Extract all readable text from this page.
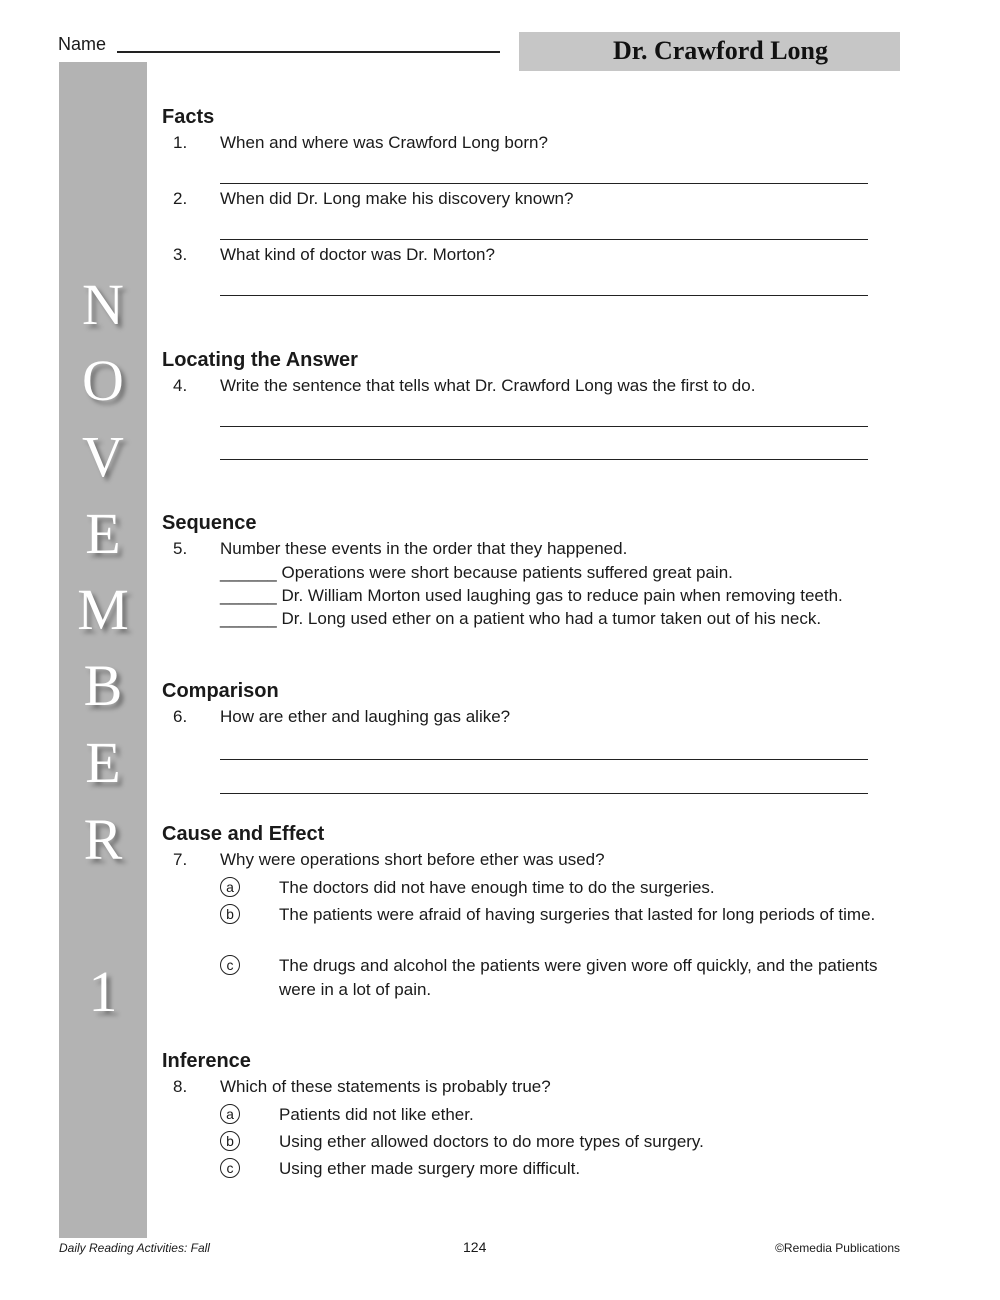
Name	Dr. Crawford Long
N
O
V
E
M
B
E
R
1
Facts
1. When and where was Crawford Long born?
2. When did Dr. Long make his discovery known?
3. What kind of doctor was Dr. Morton?
Locating the Answer
4. Write the sentence that tells what Dr. Crawford Long was the first to do.
Sequence
5. Number these events in the order that they happened.
______ Operations were short because patients suffered great pain.
______ Dr. William Morton used laughing gas to reduce pain when removing teeth.
______ Dr. Long used ether on a patient who had a tumor taken out of his neck.
Comparison
6. How are ether and laughing gas alike?
Cause and Effect
7. Why were operations short before ether was used?
a	The doctors did not have enough time to do the surgeries.
b	The patients were afraid of having surgeries that lasted for long periods of time.
c	The drugs and alcohol the patients were given wore off quickly, and the patients were in a lot of pain.
Inference
8. Which of these statements is probably true?
a	Patients did not like ether.
b	Using ether allowed doctors to do more types of surgery.
c	Using ether made surgery more difficult.
Daily Reading Activities: Fall	124	©Remedia Publications
